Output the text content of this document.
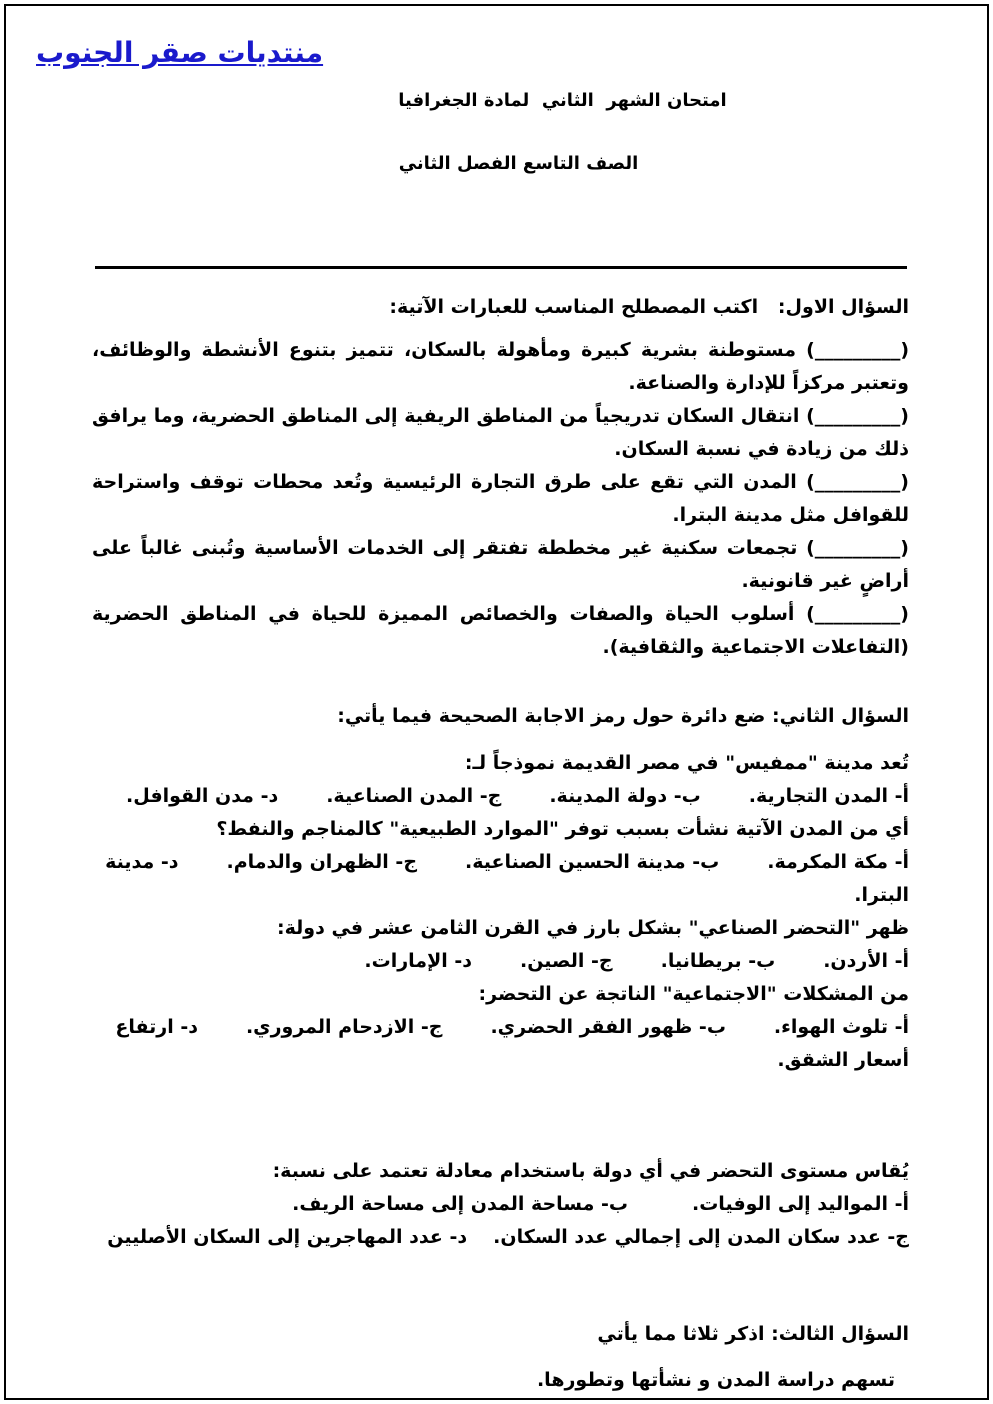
منتديات صقر الجنوب
امتحان الشهر  الثاني  لمادة الجغرافيا
الصف التاسع الفصل الثاني

السؤال الاول:   اكتب المصطلح المناسب للعبارات الآتية:

(_________) مستوطنة بشرية كبيرة ومأهولة بالسكان، تتميز بتنوع الأنشطة والوظائف، وتعتبر مركزاً للإدارة والصناعة.

(_________) انتقال السكان تدريجياً من المناطق الريفية إلى المناطق الحضرية، وما يرافق ذلك من زيادة في نسبة السكان.

(_________) المدن التي تقع على طرق التجارة الرئيسية وتُعد محطات توقف واستراحة للقوافل مثل مدينة البترا.

(_________) تجمعات سكنية غير مخططة تفتقر إلى الخدمات الأساسية وتُبنى غالباً على أراضٍ غير قانونية.

(_________) أسلوب الحياة والصفات والخصائص المميزة للحياة في المناطق الحضرية (التفاعلات الاجتماعية والثقافية).

السؤال الثاني: ضع دائرة حول رمز الاجابة الصحيحة فيما يأتي:

تُعد مدينة "ممفيس" في مصر القديمة نموذجاً لـ:

أ- المدن التجارية.ب- دولة المدينة.ج- المدن الصناعية.د- مدن القوافل.

أي من المدن الآتية نشأت بسبب توفر "الموارد الطبيعية" كالمناجم والنفط؟

أ- مكة المكرمة.ب- مدينة الحسين الصناعية.ج- الظهران والدمام.د- مدينة البترا.

ظهر "التحضر الصناعي" بشكل بارز في القرن الثامن عشر في دولة:

أ- الأردن.ب- بريطانيا.ج- الصين.د- الإمارات.

من المشكلات "الاجتماعية" الناتجة عن التحضر:

أ- تلوث الهواء.ب- ظهور الفقر الحضري.ج- الازدحام المروري.د- ارتفاع أسعار الشقق.

يُقاس مستوى التحضر في أي دولة باستخدام معادلة تعتمد على نسبة:

أ- المواليد إلى الوفيات.ب- مساحة المدن إلى مساحة الريف.

ج- عدد سكان المدن إلى إجمالي عدد السكان.د- عدد المهاجرين إلى السكان الأصليين

السؤال الثالث: اذكر ثلاثا مما يأتي

تسهم دراسة المدن و نشأتها وتطورها.
